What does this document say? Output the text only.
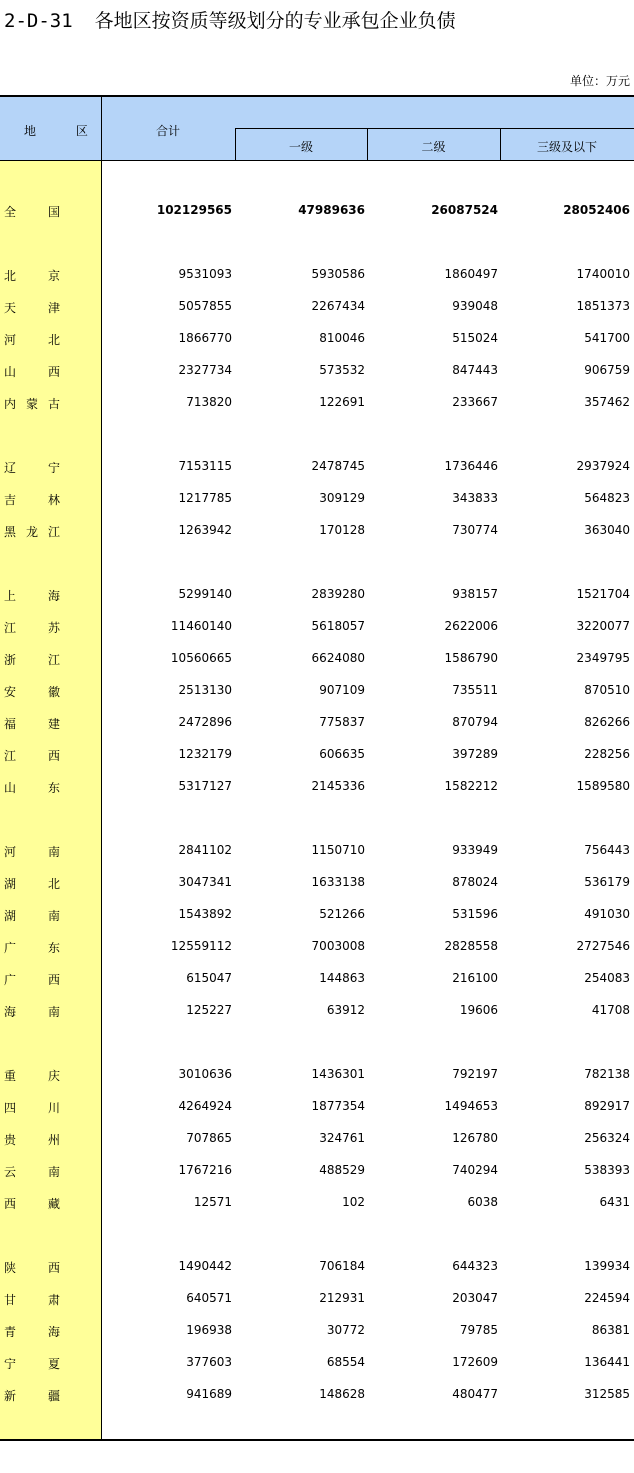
2-D-31 各地区按资质等级划分的专业承包企业负债
单位：万元
地 区	合计
一级	二级	三级及以下
全	国	102129565	47989636	26087524	28052406
北	京	9531093	5930586	1860497	1740010
天	津	5057855	2267434	939048	1851373
河	北	1866770	810046	515024	541700
山	西	2327734	573532	847443	906759
内 蒙 古	713820	122691	233667	357462
辽	宁	7153115	2478745	1736446	2937924
吉	林	1217785	309129	343833	564823
黑 龙 江	1263942	170128	730774	363040
上	海	5299140	2839280	938157	1521704
江	苏	11460140	5618057	2622006	3220077
浙	江	10560665	6624080	1586790	2349795
安	徽	2513130	907109	735511	870510
福	建	2472896	775837	870794	826266
江	西	1232179	606635	397289	228256
山	东	5317127	2145336	1582212	1589580
河	南	2841102	1150710	933949	756443
湖	北	3047341	1633138	878024	536179
湖	南	1543892	521266	531596	491030
广	东	12559112	7003008	2828558	2727546
广	西	615047	144863	216100	254083
海	南	125227	63912	19606	41708
重	庆	3010636	1436301	792197	782138
四	川	4264924	1877354	1494653	892917
贵	州	707865	324761	126780	256324
云	南	1767216	488529	740294	538393
西	藏	12571	102	6038	6431
陕	西	1490442	706184	644323	139934
甘	肃	640571	212931	203047	224594
青	海	196938	30772	79785	86381
宁	夏	377603	68554	172609	136441
新	疆	941689	148628	480477	312585
